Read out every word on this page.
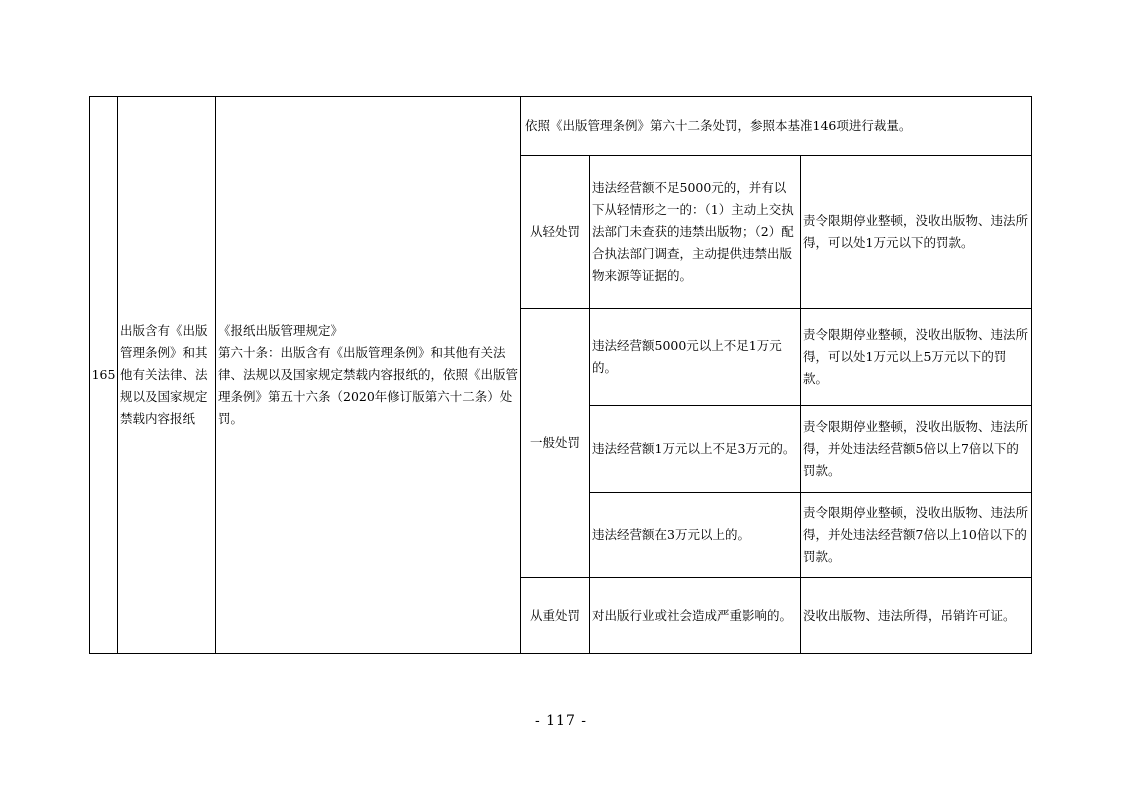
165	出版含有《出版管理条例》和其他有关法律、法规以及国家规定禁载内容报纸	《报纸出版管理规定》
第六十条：出版含有《出版管理条例》和其他有关法律、法规以及国家规定禁载内容报纸的，依照《出版管理条例》第五十六条（2020年修订版第六十二条）处罚。	依照《出版管理条例》第六十二条处罚，参照本基准146项进行裁量。		
			从轻处罚	违法经营额不足5000元的，并有以下从轻情形之一的：（1）主动上交执法部门未查获的违禁出版物；（2）配合执法部门调查，主动提供违禁出版物来源等证据的。	责令限期停业整顿，没收出版物、违法所得，可以处1万元以下的罚款。
			一般处罚	违法经营额5000元以上不足1万元的。	责令限期停业整顿，没收出版物、违法所得，可以处1万元以上5万元以下的罚款。
				违法经营额1万元以上不足3万元的。	责令限期停业整顿，没收出版物、违法所得，并处违法经营额5倍以上7倍以下的罚款。
				违法经营额在3万元以上的。	责令限期停业整顿，没收出版物、违法所得，并处违法经营额7倍以上10倍以下的罚款。
			从重处罚	对出版行业或社会造成严重影响的。	没收出版物、违法所得，吊销许可证。
- 117 -
